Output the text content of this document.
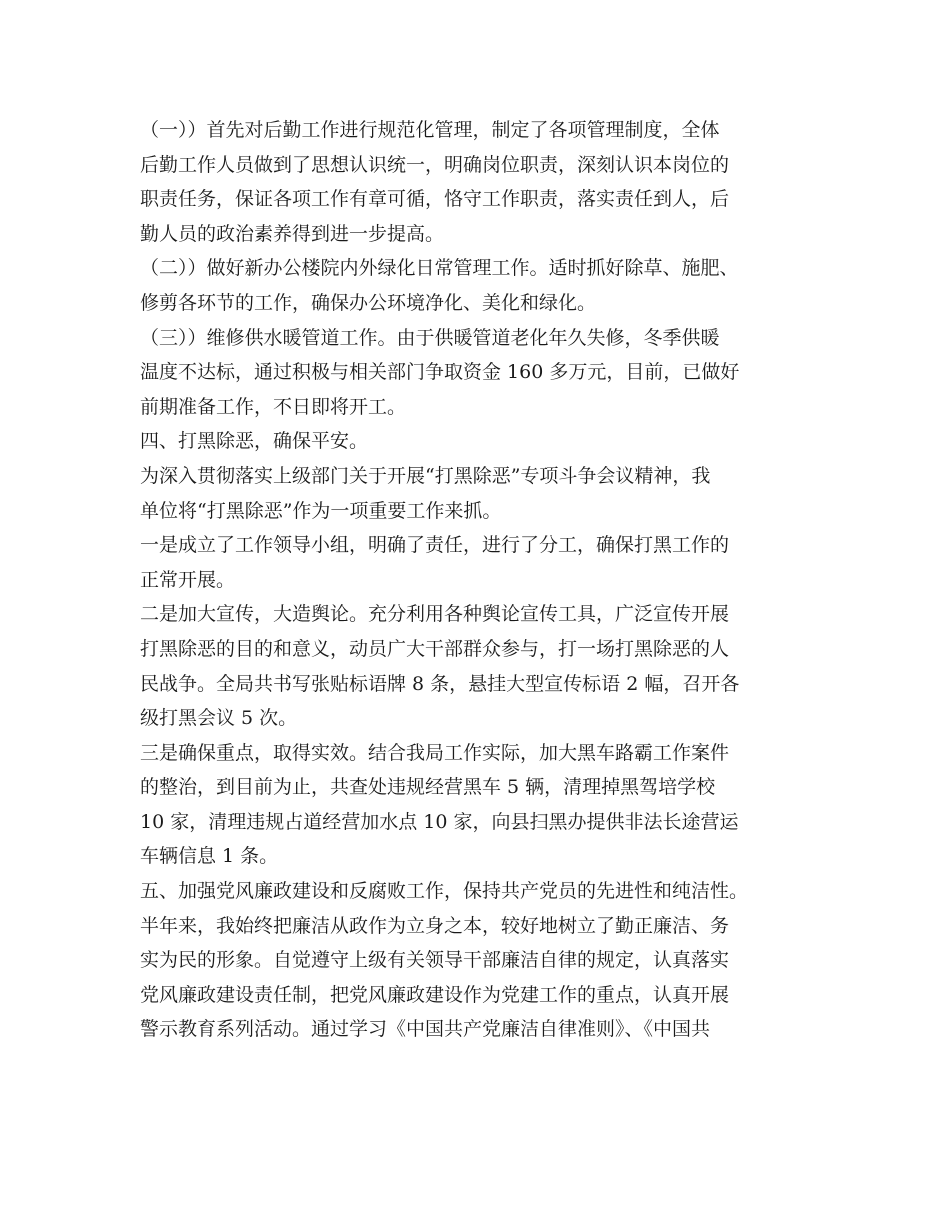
（一））首先对后勤工作进行规范化管理，制定了各项管理制度，全体
后勤工作人员做到了思想认识统一，明确岗位职责，深刻认识本岗位的
职责任务，保证各项工作有章可循，恪守工作职责，落实责任到人，后
勤人员的政治素养得到进一步提高。
（二））做好新办公楼院内外绿化日常管理工作。适时抓好除草、施肥、
修剪各环节的工作，确保办公环境净化、美化和绿化。
（三））维修供水暖管道工作。由于供暖管道老化年久失修，冬季供暖
温度不达标，通过积极与相关部门争取资金 160 多万元，目前，已做好
前期准备工作，不日即将开工。
四、打黑除恶，确保平安。
为深入贯彻落实上级部门关于开展“打黑除恶”专项斗争会议精神，我
单位将“打黑除恶”作为一项重要工作来抓。
一是成立了工作领导小组，明确了责任，进行了分工，确保打黑工作的
正常开展。
二是加大宣传，大造舆论。充分利用各种舆论宣传工具，广泛宣传开展
打黑除恶的目的和意义，动员广大干部群众参与，打一场打黑除恶的人
民战争。全局共书写张贴标语牌 8 条，悬挂大型宣传标语 2 幅，召开各
级打黑会议 5 次。
三是确保重点，取得实效。结合我局工作实际，加大黑车路霸工作案件
的整治，到目前为止，共查处违规经营黑车 5 辆，清理掉黑驾培学校
10 家，清理违规占道经营加水点 10 家，向县扫黑办提供非法长途营运
车辆信息 1 条。
五、加强党风廉政建设和反腐败工作，保持共产党员的先进性和纯洁性。
半年来，我始终把廉洁从政作为立身之本，较好地树立了勤正廉洁、务
实为民的形象。自觉遵守上级有关领导干部廉洁自律的规定，认真落实
党风廉政建设责任制，把党风廉政建设作为党建工作的重点，认真开展
警示教育系列活动。通过学习《中国共产党廉洁自律准则》、《中国共
